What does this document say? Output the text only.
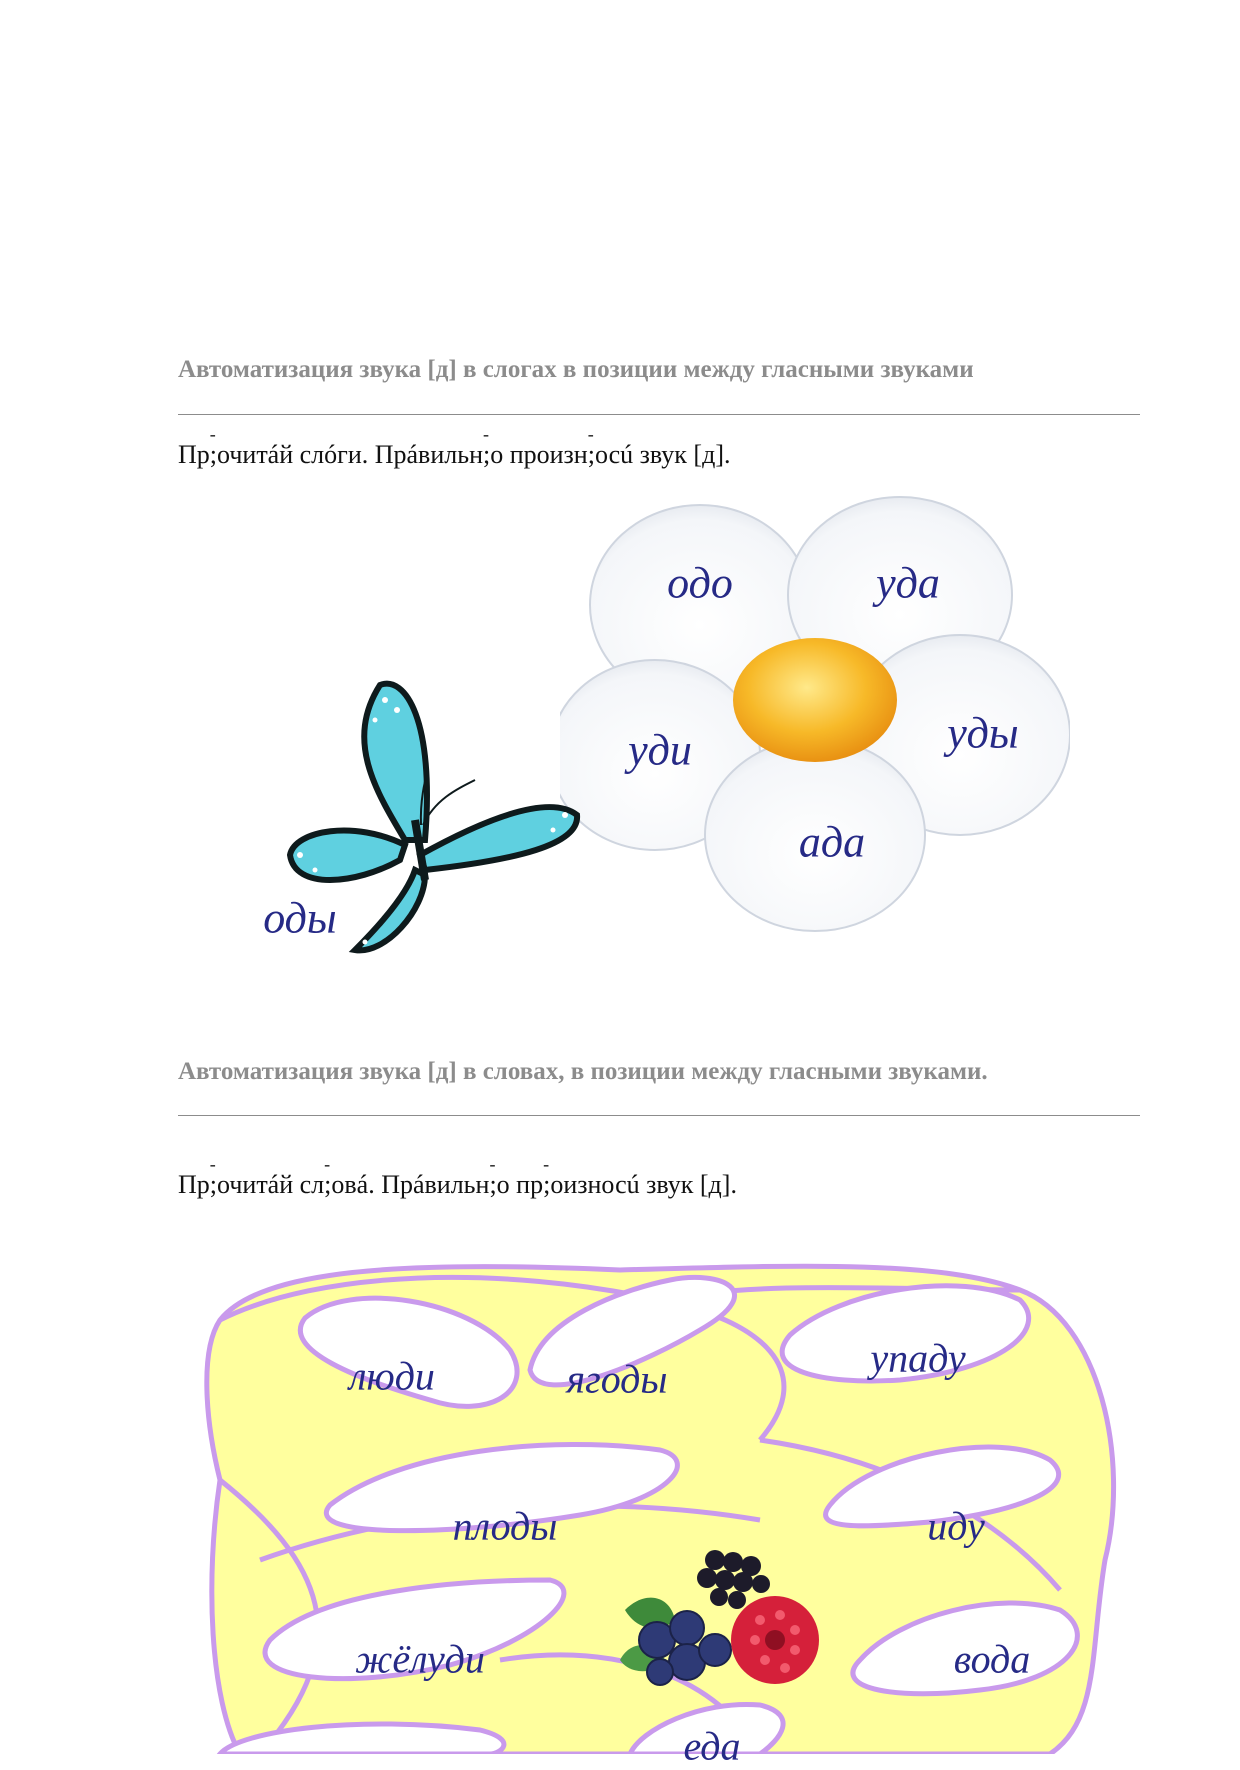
Автоматизация звука [д] в слогах в позиции между гласными звуками

Пр- ;очитáй слóги. Прáвильн- ;о произн- ;осú звук [д].

одо	уда
уди	уды
ада
оды
Автоматизация звука [д] в словах, в позиции между гласными звуками.

Пр- ;очитáй сл- ;овá. Прáвильн- ;о пр- ;оизносú звук [д].

люди	ягоды	упаду
плоды	иду
жёлуди	вода
еда
